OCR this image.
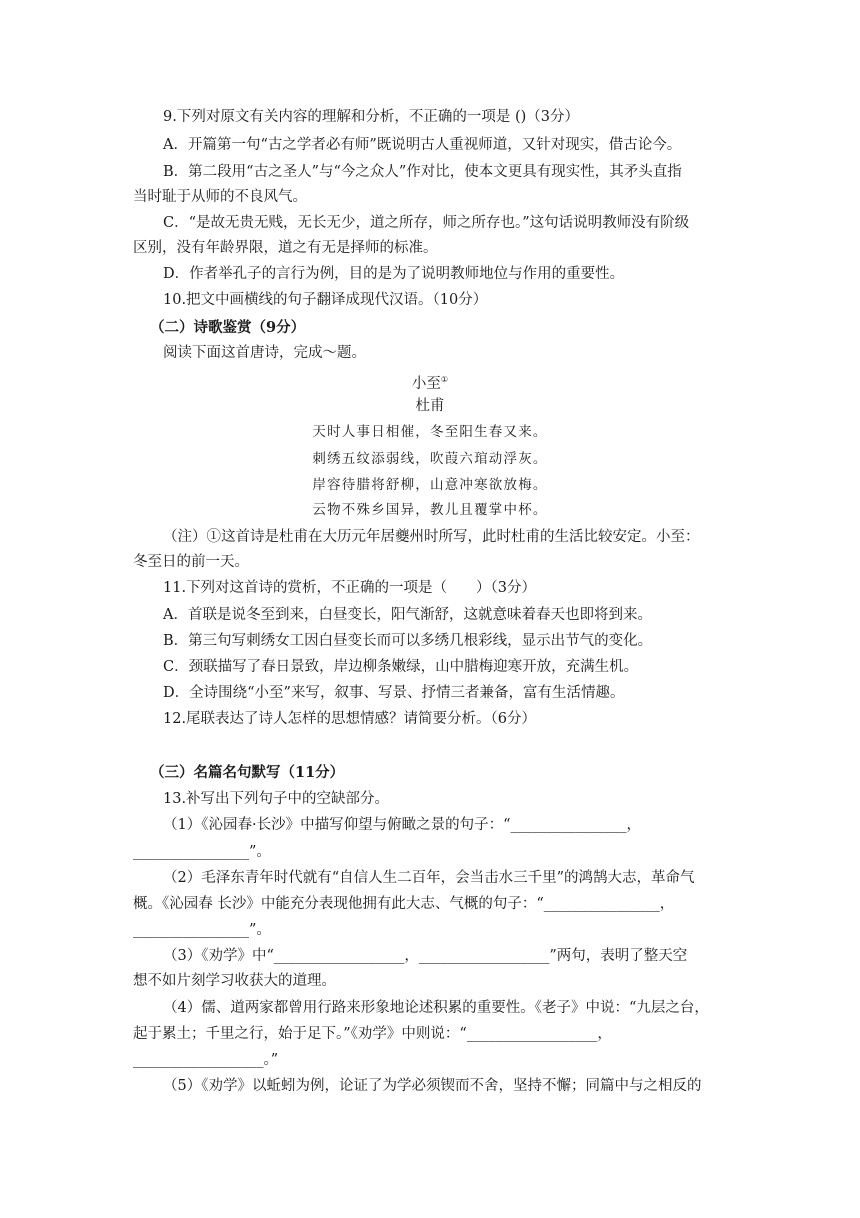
9.下列对原文有关内容的理解和分析，不正确的一项是 ()（3分）
A．开篇第一句“古之学者必有师”既说明古人重视师道，又针对现实，借古论今。
B．第二段用“古之圣人”与“今之众人”作对比，使本文更具有现实性，其矛头直指
当时耻于从师的不良风气。
C．“是故无贵无贱，无长无少，道之所存，师之所存也。”这句话说明教师没有阶级
区别，没有年龄界限，道之有无是择师的标准。
D．作者举孔子的言行为例，目的是为了说明教师地位与作用的重要性。
10.把文中画横线的句子翻译成现代汉语。（10分）
（二）诗歌鉴赏（9分）
阅读下面这首唐诗，完成～题。
小至①
杜甫
天时人事日相催，冬至阳生春又来。
刺绣五纹添弱线，吹葭六琯动浮灰。
岸容待腊将舒柳，山意冲寒欲放梅。
云物不殊乡国异，教儿且覆掌中杯。
（注）①这首诗是杜甫在大历元年居夔州时所写，此时杜甫的生活比较安定。小至：
冬至日的前一天。
11.下列对这首诗的赏析，不正确的一项是（　　）（3分）
A．首联是说冬至到来，白昼变长，阳气渐舒，这就意味着春天也即将到来。
B．第三句写刺绣女工因白昼变长而可以多绣几根彩线，显示出节气的变化。
C．颈联描写了春日景致，岸边柳条嫩绿，山中腊梅迎寒开放，充满生机。
D．全诗围绕“小至”来写，叙事、写景、抒情三者兼备，富有生活情趣。
12.尾联表达了诗人怎样的思想情感？请简要分析。（6分）
（三）名篇名句默写（11分）
13.补写出下列句子中的空缺部分。
（1）《沁园春·长沙》中描写仰望与俯瞰之景的句子：“________________，
________________”。
（2）毛泽东青年时代就有“自信人生二百年，会当击水三千里”的鸿鹄大志，革命气
概。《沁园春 长沙》中能充分表现他拥有此大志、气概的句子：“________________，
________________”。
（3）《劝学》中“__________________，__________________”两句，表明了整天空
想不如片刻学习收获大的道理。
（4）儒、道两家都曾用行路来形象地论述积累的重要性。《老子》中说：“九层之台，
起于累土；千里之行，始于足下。”《劝学》中则说：“__________________，
__________________。”
（5）《劝学》以蚯蚓为例，论证了为学必须锲而不舍，坚持不懈；同篇中与之相反的
